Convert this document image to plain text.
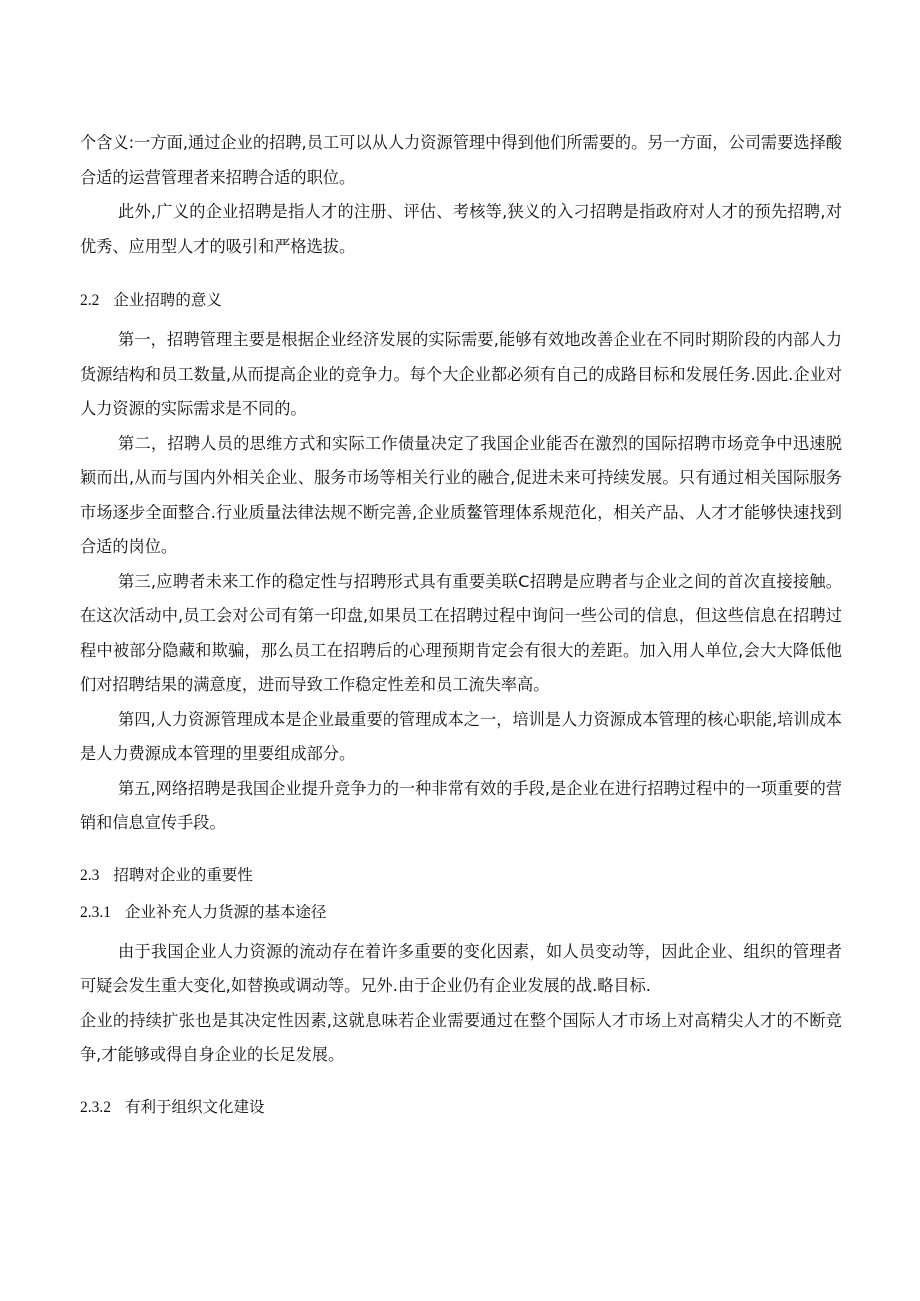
个含义:一方面,通过企业的招聘,员工可以从人力资源管理中得到他们所需要的。另一方面，公司需要选择酸合适的运营管理者来招聘合适的职位。

此外,广义的企业招聘是指人才的注册、评估、考核等,狭义的入刁招聘是指政府对人才的预先招聘,对优秀、应用型人才的吸引和严格选拔。

2.2 企业招聘的意义

第一，招聘管理主要是根据企业经济发展的实际需要,能够有效地改善企业在不同时期阶段的内部人力货源结构和员工数量,从而提高企业的竞争力。每个大企业都必须有自己的成路目标和发展任务.因此.企业对人力资源的实际需求是不同的。

第二，招聘人员的思维方式和实际工作债量决定了我国企业能否在激烈的国际招聘市场竞争中迅速脱颖而出,从而与国内外相关企业、服务市场等相关行业的融合,促进未来可持续发展。只有通过相关国际服务市场逐步全面整合.行业质量法律法规不断完善,企业质鳌管理体系规范化，相关产品、人才才能够快速找到合适的岗位。

第三,应聘者未来工作的稳定性与招聘形式具有重要美联C招聘是应聘者与企业之间的首次直接接触。在这次活动中,员工会对公司有第一印盘,如果员工在招聘过程中询问一些公司的信息，但这些信息在招聘过程中被部分隐藏和欺骗，那么员工在招聘后的心理预期肯定会有很大的差距。加入用人单位,会大大降低他们对招聘结果的满意度，进而导致工作稳定性差和员工流失率高。

第四,人力资源管理成本是企业最重要的管理成本之一，培训是人力资源成本管理的核心职能,培训成本是人力费源成本管理的里要组成部分。

第五,网络招聘是我国企业提升竞争力的一种非常有效的手段,是企业在进行招聘过程中的一项重要的营销和信息宣传手段。

2.3 招聘对企业的重要性
2.3.1 企业补充人力货源的基本途径

由于我国企业人力资源的流动存在着许多重要的变化因素，如人员变动等，因此企业、组织的管理者可疑会发生重大变化,如替换或调动等。兄外.由于企业仍有企业发展的战.略目标.

企业的持续扩张也是其决定性因素,这就息味若企业需要通过在整个国际人才市场上对高精尖人才的不断竞争,才能够或得自身企业的长足发展。

2.3.2 有利于组织文化建设
